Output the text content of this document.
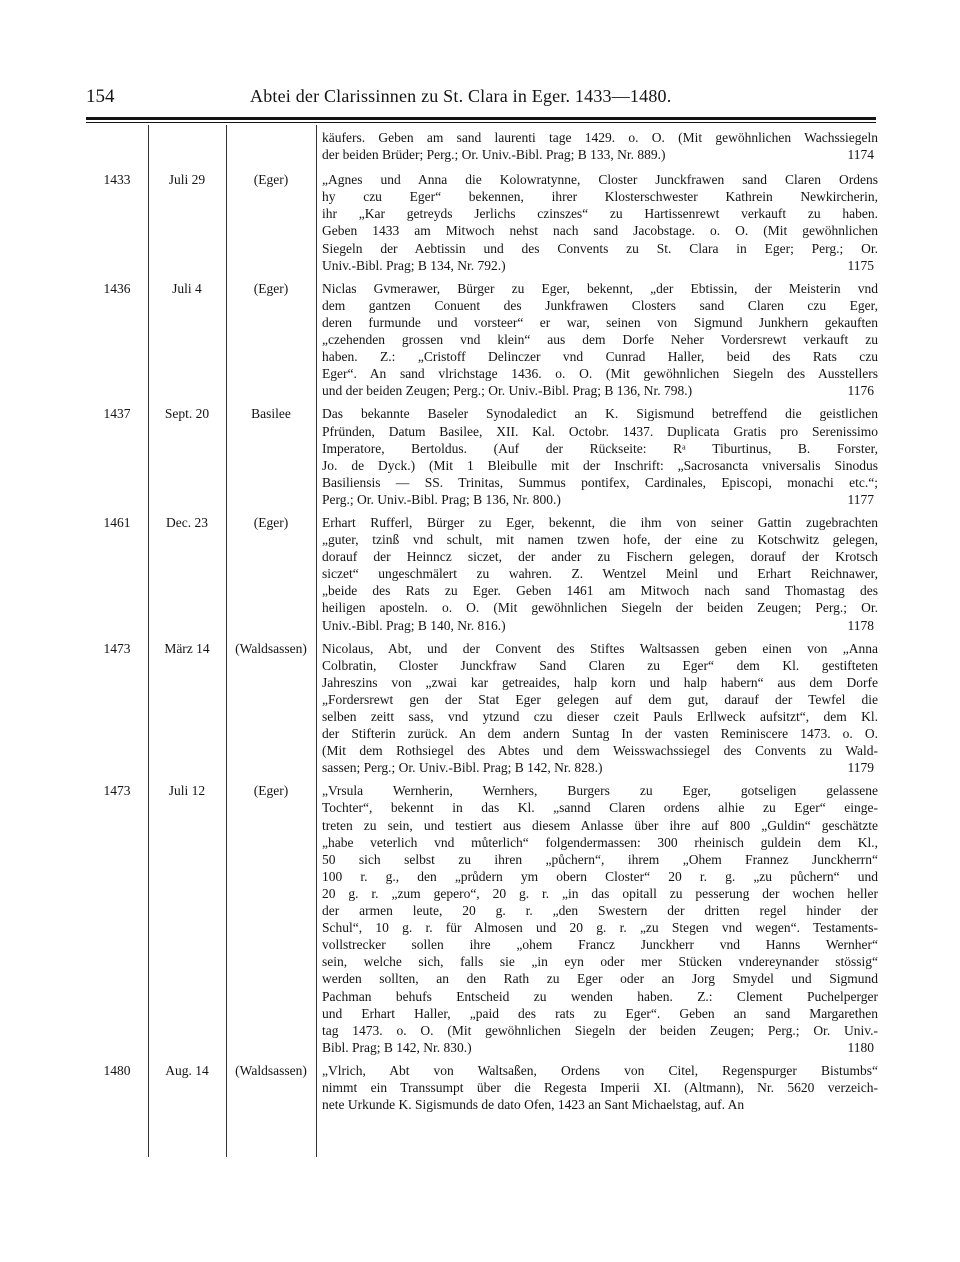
154	Abtei der Clarissinnen zu St. Clara in Eger. 1433—1480.
käufers. Geben am sand laurenti tage 1429. o. O. (Mit gewöhnlichen Wachssiegeln
der beiden Brüder; Perg.; Or. Univ.-Bibl. Prag; B 133, Nr. 889.)	1174
1433	Juli 29	(Eger)	„Agnes und Anna die Kolowratynne, Closter Junckfrawen sand Claren Ordens
hy czu Eger“ bekennen, ihrer Klosterschwester Kathrein Newkircherin,
ihr „Kar getreyds Jerlichs czinszes“ zu Hartissenrewt verkauft zu haben.
Geben 1433 am Mitwoch nehst nach sand Jacobstage. o. O. (Mit gewöhnlichen
Siegeln der Aebtissin und des Convents zu St. Clara in Eger; Perg.; Or.
Univ.-Bibl. Prag; B 134, Nr. 792.)	1175
1436	Juli 4	(Eger)	Niclas Gvmerawer, Bürger zu Eger, bekennt, „der Ebtissin, der Meisterin vnd
dem gantzen Conuent des Junkfrawen Closters sand Claren czu Eger,
deren furmunde und vorsteer“ er war, seinen von Sigmund Junkhern gekauften
„czehenden grossen vnd klein“ aus dem Dorfe Neher Vordersrewt verkauft zu
haben. Z.: „Cristoff Delinczer vnd Cunrad Haller, beid des Rats czu
Eger“. An sand vlrichstage 1436. o. O. (Mit gewöhnlichen Siegeln des Ausstellers
und der beiden Zeugen; Perg.; Or. Univ.-Bibl. Prag; B 136, Nr. 798.)	1176
1437	Sept. 20	Basilee	Das bekannte Baseler Synodaledict an K. Sigismund betreffend die geistlichen
Pfründen, Datum Basilee, XII. Kal. Octobr. 1437. Duplicata Gratis pro Serenissimo
Imperatore, Bertoldus. (Auf der Rückseite: Rᵃ Tiburtinus, B. Forster,
Jo. de Dyck.) (Mit 1 Bleibulle mit der Inschrift: „Sacrosancta vniversalis Sinodus
Basiliensis — SS. Trinitas, Summus pontifex, Cardinales, Episcopi, monachi etc.“;
Perg.; Or. Univ.-Bibl. Prag; B 136, Nr. 800.)	1177
1461	Dec. 23	(Eger)	Erhart Rufferl, Bürger zu Eger, bekennt, die ihm von seiner Gattin zugebrachten
„guter, tzinß vnd schult, mit namen tzwen hofe, der eine zu Kotschwitz gelegen,
dorauf der Heinncz siczet, der ander zu Fischern gelegen, dorauf der Krotsch
siczet“ ungeschmälert zu wahren. Z. Wentzel Meinl und Erhart Reichnawer,
„beide des Rats zu Eger. Geben 1461 am Mitwoch nach sand Thomastag des
heiligen aposteln. o. O. (Mit gewöhnlichen Siegeln der beiden Zeugen; Perg.; Or.
Univ.-Bibl. Prag; B 140, Nr. 816.)	1178
1473	März 14	(Waldsassen)	Nicolaus, Abt, und der Convent des Stiftes Waltsassen geben einen von „Anna
Colbratin, Closter Junckfraw Sand Claren zu Eger“ dem Kl. gestifteten
Jahreszins von „zwai kar getreaides, halp korn und halp habern“ aus dem Dorfe
„Fordersrewt gen der Stat Eger gelegen auf dem gut, darauf der Tewfel die
selben zeitt sass, vnd ytzund czu dieser czeit Pauls Erllweck aufsitzt“, dem Kl.
der Stifterin zurück. An dem andern Suntag In der vasten Reminiscere 1473. o. O.
(Mit dem Rothsiegel des Abtes und dem Weisswachssiegel des Convents zu Wald-
sassen; Perg.; Or. Univ.-Bibl. Prag; B 142, Nr. 828.)	1179
1473	Juli 12	(Eger)	„Vrsula Wernherin, Wernhers, Burgers zu Eger, gotseligen gelassene
Tochter“, bekennt in das Kl. „sannd Claren ordens alhie zu Eger“ einge-
treten zu sein, und testiert aus diesem Anlasse über ihre auf 800 „Guldin“ geschätzte
„habe veterlich vnd můterlich“ folgendermassen: 300 rheinisch guldein dem Kl.,
50 sich selbst zu ihren „půchern“, ihrem „Ohem Frannez Junckherrn“
100 r. g., den „průdern ym obern Closter“ 20 r. g. „zu půchern“ und
20 g. r. „zum gepero“, 20 g. r. „in das opitall zu pesserung der wochen heller
der armen leute, 20 g. r. „den Swestern der dritten regel hinder der
Schul“, 10 g. r. für Almosen und 20 g. r. „zu Stegen vnd wegen“. Testaments-
vollstrecker sollen ihre „ohem Francz Junckherr vnd Hanns Wernher“
sein, welche sich, falls sie „in eyn oder mer Stücken vndereynander stössig“
werden sollten, an den Rath zu Eger oder an Jorg Smydel und Sigmund
Pachman behufs Entscheid zu wenden haben. Z.: Clement Puchelperger
und Erhart Haller, „paid des rats zu Eger“. Geben an sand Margarethen
tag 1473. o. O. (Mit gewöhnlichen Siegeln der beiden Zeugen; Perg.; Or. Univ.-
Bibl. Prag; B 142, Nr. 830.)	1180
1480	Aug. 14	(Waldsassen)	„Vlrich, Abt von Waltsaßen, Ordens von Citel, Regenspurger Bistumbs“
nimmt ein Transsumpt über die Regesta Imperii XI. (Altmann), Nr. 5620 verzeich-
nete Urkunde K. Sigismunds de dato Ofen, 1423 an Sant Michaelstag, auf. An
